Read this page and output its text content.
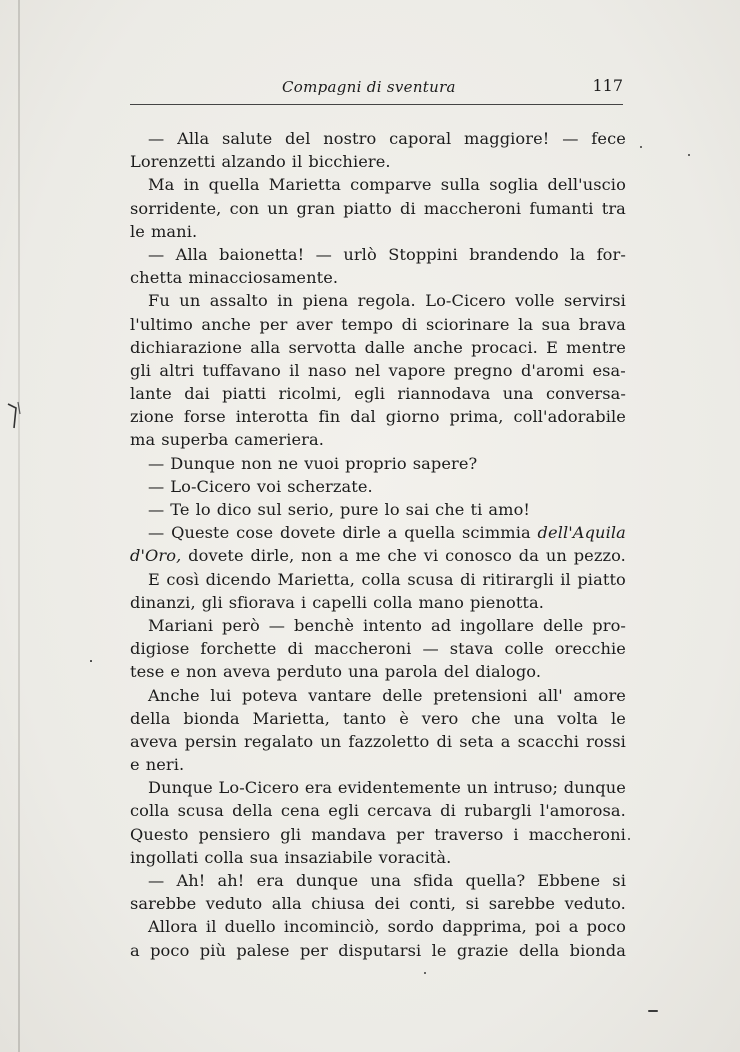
Compagni di sventura	117
— Alla salute del nostro caporal maggiore! — fece
Lorenzetti alzando il bicchiere.
Ma in quella Marietta comparve sulla soglia dell'uscio
sorridente, con un gran piatto di maccheroni fumanti tra
le mani.
— Alla baionetta! — urlò Stoppini brandendo la for-
chetta minacciosamente.
Fu un assalto in piena regola. Lo-Cicero volle servirsi
l'ultimo anche per aver tempo di sciorinare la sua brava
dichiarazione alla servotta dalle anche procaci. E mentre
gli altri tuffavano il naso nel vapore pregno d'aromi esa-
lante dai piatti ricolmi, egli riannodava una conversa-
zione forse interotta fin dal giorno prima, coll'adorabile
ma superba cameriera.
— Dunque non ne vuoi proprio sapere?
— Lo-Cicero voi scherzate.
— Te lo dico sul serio, pure lo sai che ti amo!
— Queste cose dovete dirle a quella scimmia dell'Aquila
d'Oro, dovete dirle, non a me che vi conosco da un pezzo.
E così dicendo Marietta, colla scusa di ritirargli il piatto
dinanzi, gli sfiorava i capelli colla mano pienotta.
Mariani però — benchè intento ad ingollare delle pro-
digiose forchette di maccheroni — stava colle orecchie
tese e non aveva perduto una parola del dialogo.
Anche lui poteva vantare delle pretensioni all' amore
della bionda Marietta, tanto è vero che una volta le
aveva persin regalato un fazzoletto di seta a scacchi rossi
e neri.
Dunque Lo-Cicero era evidentemente un intruso; dunque
colla scusa della cena egli cercava di rubargli l'amorosa.
Questo pensiero gli mandava per traverso i maccheroni
ingollati colla sua insaziabile voracità.
— Ah! ah! era dunque una sfida quella? Ebbene si
sarebbe veduto alla chiusa dei conti, si sarebbe veduto.
Allora il duello incominciò, sordo dapprima, poi a poco
a poco più palese per disputarsi le grazie della bionda
